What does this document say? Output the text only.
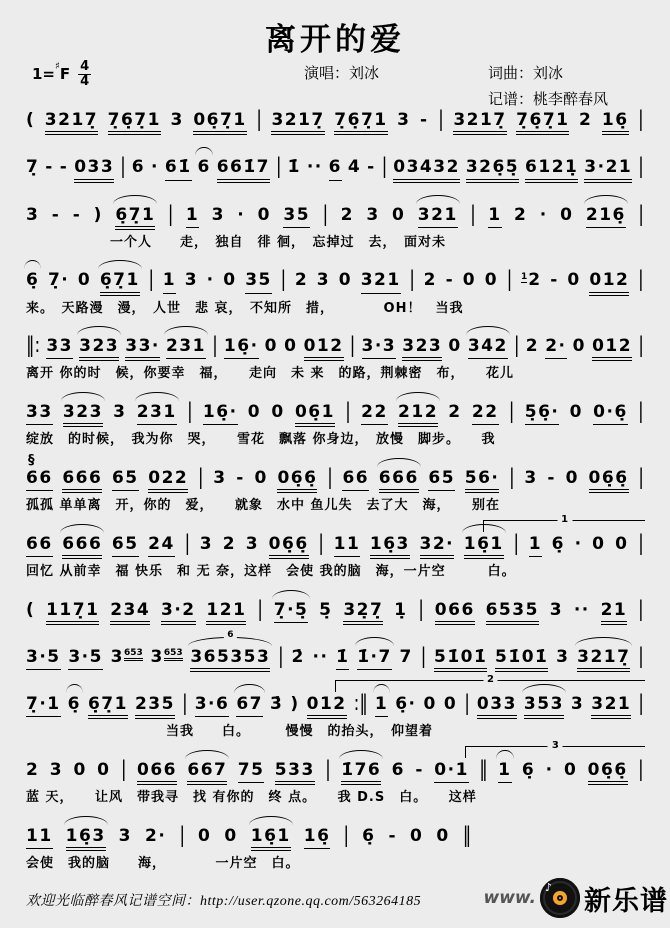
离开的爱
1=♯F 4
4	演唱：刘冰	词曲：刘冰
记谱：桃李醉春风
( 3217̣ 7̣6̣7̣1 3 06̣7̣1 | 3217̣ 7̣6̣7̣1 3 - | 3217̣ 7̣6̣7̣1 2 16̣ |
7̣ - - 033 | 6 · 61̇ 6 661̇7 | 1̇ ·· 6 4 - | 03432 326̣5̣ 6121̣ 3·21 |
3 - - ) 6̣7̣1 | 1 3 · 0 35 | 2 3 0 321 | 1 2 · 0 216̣ |
　　　　　　一个人　　走，　独自　徘 徊，　忘掉过　去，　面对未
6̣ 7̣· 0 6̣7̣1 | 1 3 · 0 35 | 2 3 0 321 | 2 - 0 0 | $^1$2 - 0 012 |
来。　天路漫　漫，　人世　悲 哀，　不知所　措，　　　　OH！　当我
‖: 33 323 33· 231 | 16̣· 0 0 012 | 3·3 323 0 342 | 2 2· 0 012 |
离开 你的时　候，你要幸　福，　　走向　未 来　的路，荆棘密　布，　　花儿
33 323 3 231 | 16̣· 0 0 06̣1 | 22 212 2 22 | 5̣6̣· 0 0·6̣ |
绽放　的时候，　我为你　哭，　　雪花　飘落 你身边，　放慢　脚步。　　我
§
66 666 65 022 | 3 - 0 06̣6̣ | 66 666 65 56· | 3 - 0 06̣6̣ |
孤孤 单单离　开，你的　爱，　　就象　水中 鱼儿失　去了大　海，　　别在
1
66 666 65 24 | 3 2 3 06̣6̣ | 11 16̣3 32· 16̣1 | 1 6̣ · 0 0 |
回忆 从前幸　福 快乐　和 无 奈，这样　会使 我的脑　海，一片空　　　白。
( 117̣1 234 3·2 121 | 7̣·5̣ 5̣ 32̣7̣ 1̣ | 066 6535 3 ·· 21 |
3·5 3·5 $3^{653}$ $3^{653}$
6
365353 | 2̇ ·· 1̇ 1̇·7 7 | 51̇01̇ 51̇01̇ 3 3217̣ |
2
7̣·1 6̣ 6̣7̣1 235 | 3·6 67 3̇ ) 012 :‖ 1 6̣· 0 0 | 033 353 3 321 |
　　　　　　　　　　当我　　白。　　　慢慢　的抬头，　仰望着
3
2 3 0 0 | 066 667 75 533 | 1̇76 6 - 0·1 ‖ 1 6̣ · 0 06̣6̣ |
蓝 天，　　让风　带我寻　找 有你的　终 点。　　我 D.S　白。　　这样
11 16̣3 3 2· | 0 0 16̣1 16̣ | 6̣ - 0 0 ‖
会使　我的脑　　海，　　　　一片空　白。
欢迎光临醉春风记谱空间：http://user.qzone.qq.com/563264185	www.
♪ 新乐谱
